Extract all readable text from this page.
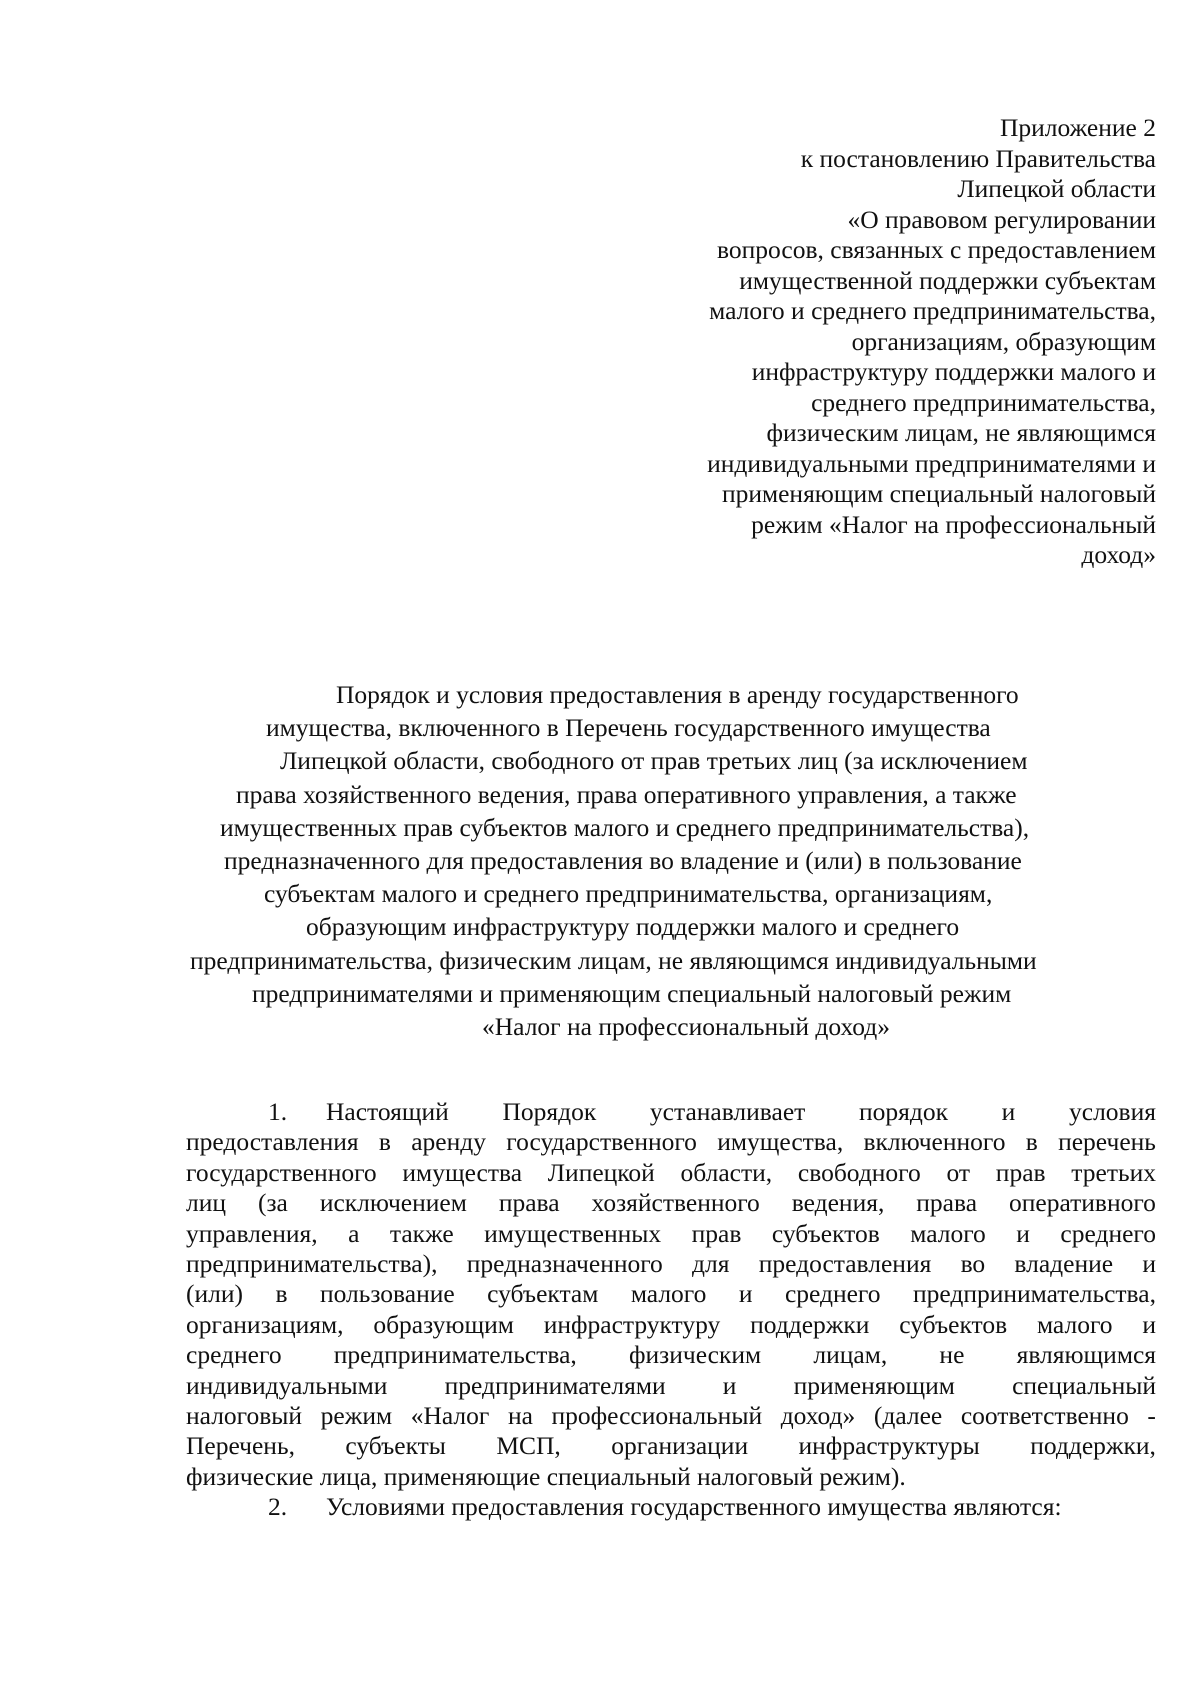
Приложение 2
к постановлению Правительства
Липецкой области
«О правовом регулировании
вопросов, связанных с предоставлением
имущественной поддержки субъектам
малого и среднего предпринимательства,
организациям, образующим
инфраструктуру поддержки малого и
среднего предпринимательства,
физическим лицам, не являющимся
индивидуальными предпринимателями и
применяющим специальный налоговый
режим «Налог на профессиональный
доход»
Порядок и условия предоставления в аренду государственного
имущества, включенного в Перечень государственного имущества
Липецкой области, свободного от прав третьих лиц (за исключением
права хозяйственного ведения, права оперативного управления, а также
имущественных прав субъектов малого и среднего предпринимательства),
предназначенного для предоставления во владение и (или) в пользование
субъектам малого и среднего предпринимательства, организациям,
образующим инфраструктуру поддержки малого и среднего
предпринимательства, физическим лицам, не являющимся индивидуальными
предпринимателями и применяющим специальный налоговый режим
«Налог на профессиональный доход»
1.	Настоящий Порядок устанавливает порядок и условия
предоставления в аренду государственного имущества, включенного в перечень
государственного имущества Липецкой области, свободного от прав третьих
лиц (за исключением права хозяйственного ведения, права оперативного
управления, а также имущественных прав субъектов малого и среднего
предпринимательства), предназначенного для предоставления во владение и
(или) в пользование субъектам малого и среднего предпринимательства,
организациям, образующим инфраструктуру поддержки субъектов малого и
среднего предпринимательства, физическим лицам, не являющимся
индивидуальными предпринимателями и применяющим специальный
налоговый режим «Налог на профессиональный доход» (далее соответственно -
Перечень, субъекты МСП, организации инфраструктуры поддержки,
физические лица, применяющие специальный налоговый режим).
2. Условиями предоставления государственного имущества являются:
